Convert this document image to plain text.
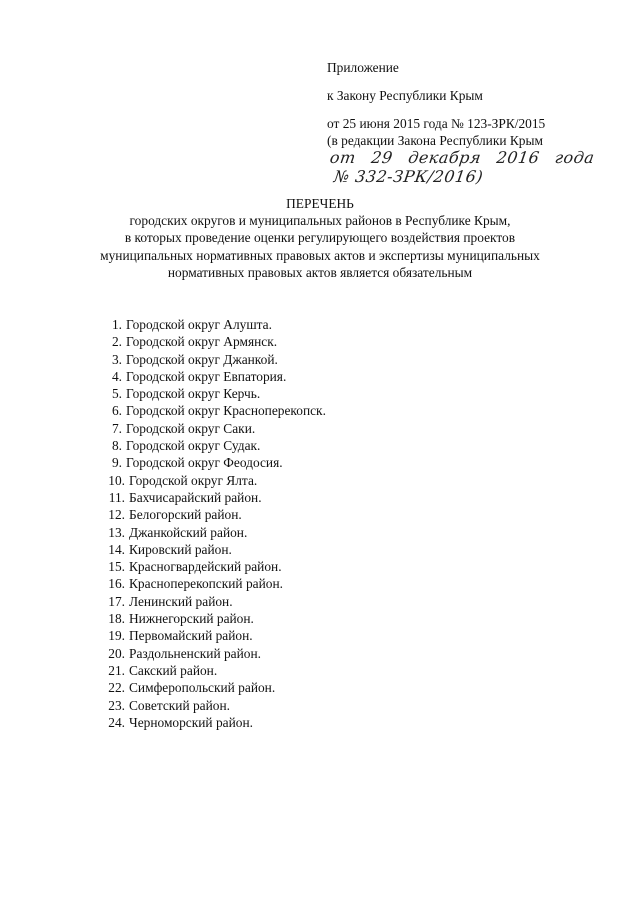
Приложение
к Закону Республики Крым
от 25 июня 2015 года № 123-ЗРК/2015
(в редакции Закона Республики Крым
от 29 декабря 2016 года
№ 332-ЗРК/2016)
ПЕРЕЧЕНЬ
городских округов и муниципальных районов в Республике Крым,
в которых проведение оценки регулирующего воздействия проектов
муниципальных нормативных правовых актов и экспертизы муниципальных
нормативных правовых актов является обязательным
1. Городской округ Алушта.
2. Городской округ Армянск.
3. Городской округ Джанкой.
4. Городской округ Евпатория.
5. Городской округ Керчь.
6. Городской округ Красноперекопск.
7. Городской округ Саки.
8. Городской округ Судак.
9. Городской округ Феодосия.
10. Городской округ Ялта.
11. Бахчисарайский район.
12. Белогорский район.
13. Джанкойский район.
14. Кировский район.
15. Красногвардейский район.
16. Красноперекопский район.
17. Ленинский район.
18. Нижнегорский район.
19. Первомайский район.
20. Раздольненский район.
21. Сакский район.
22. Симферопольский район.
23. Советский район.
24. Черноморский район.
